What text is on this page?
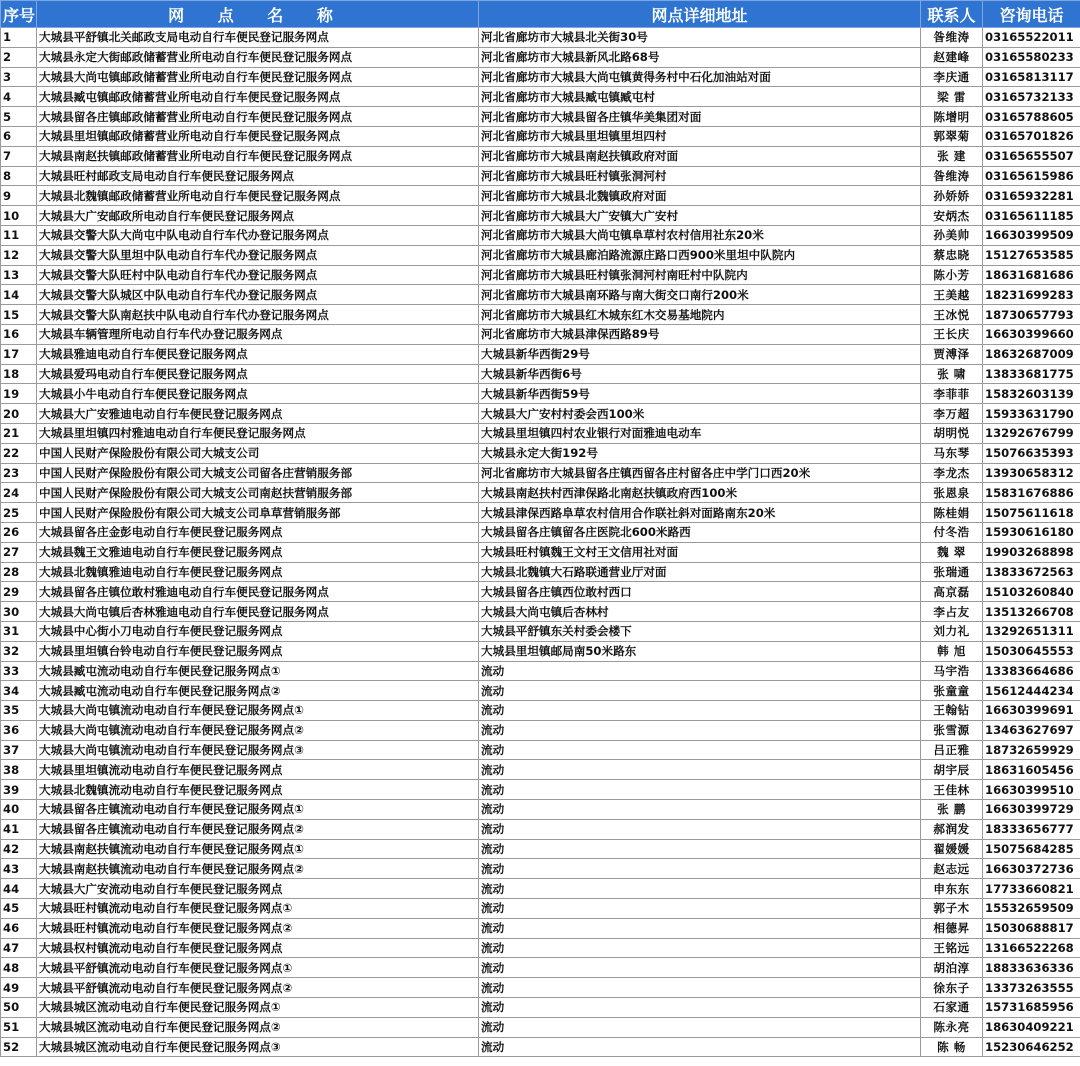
序号	网 点 名 称	网点详细地址	联系人	咨询电话
1	大城县平舒镇北关邮政支局电动自行车便民登记服务网点	河北省廊坊市大城县北关街30号	昝维涛	03165522011
2	大城县永定大街邮政储蓄营业所电动自行车便民登记服务网点	河北省廊坊市大城县新风北路68号	赵建峰	03165580233
3	大城县大尚屯镇邮政储蓄营业所电动自行车便民登记服务网点	河北省廊坊市大城县大尚屯镇黄得务村中石化加油站对面	李庆通	03165813117
4	大城县臧屯镇邮政储蓄营业所电动自行车便民登记服务网点	河北省廊坊市大城县臧屯镇臧屯村	梁 雷	03165732133
5	大城县留各庄镇邮政储蓄营业所电动自行车便民登记服务网点	河北省廊坊市大城县留各庄镇华美集团对面	陈增明	03165788605
6	大城县里坦镇邮政储蓄营业所电动自行车便民登记服务网点	河北省廊坊市大城县里坦镇里坦四村	郭翠菊	03165701826
7	大城县南赵扶镇邮政储蓄营业所电动自行车便民登记服务网点	河北省廊坊市大城县南赵扶镇政府对面	张 建	03165655507
8	大城县旺村邮政支局电动自行车便民登记服务网点	河北省廊坊市大城县旺村镇张洞河村	昝维涛	03165615986
9	大城县北魏镇邮政储蓄营业所电动自行车便民登记服务网点	河北省廊坊市大城县北魏镇政府对面	孙娇娇	03165932281
10	大城县大广安邮政所电动自行车便民登记服务网点	河北省廊坊市大城县大广安镇大广安村	安炳杰	03165611185
11	大城县交警大队大尚屯中队电动自行车代办登记服务网点	河北省廊坊市大城县大尚屯镇阜草村农村信用社东20米	孙美帅	16630399509
12	大城县交警大队里坦中队电动自行车代办登记服务网点	河北省廊坊市大城县廊泊路流源庄路口西900米里坦中队院内	蔡忠晓	15127653585
13	大城县交警大队旺村中队电动自行车代办登记服务网点	河北省廊坊市大城县旺村镇张洞河村南旺村中队院内	陈小芳	18631681686
14	大城县交警大队城区中队电动自行车代办登记服务网点	河北省廊坊市大城县南环路与南大街交口南行200米	王美越	18231699283
15	大城县交警大队南赵扶中队电动自行车代办登记服务网点	河北省廊坊市大城县红木城东红木交易基地院内	王冰悦	18730657793
16	大城县车辆管理所电动自行车代办登记服务网点	河北省廊坊市大城县津保西路89号	王长庆	16630399660
17	大城县雅迪电动自行车便民登记服务网点	大城县新华西街29号	贾溥泽	18632687009
18	大城县爱玛电动自行车便民登记服务网点	大城县新华西街6号	张 啸	13833681775
19	大城县小牛电动自行车便民登记服务网点	大城县新华西街59号	李菲菲	15832603139
20	大城县大广安雅迪电动自行车便民登记服务网点	大城县大广安村村委会西100米	李万超	15933631790
21	大城县里坦镇四村雅迪电动自行车便民登记服务网点	大城县里坦镇四村农业银行对面雅迪电动车	胡明悦	13292676799
22	中国人民财产保险股份有限公司大城支公司	大城县永定大街192号	马东琴	15076635393
23	中国人民财产保险股份有限公司大城支公司留各庄营销服务部	河北省廊坊市大城县留各庄镇西留各庄村留各庄中学门口西20米	李龙杰	13930658312
24	中国人民财产保险股份有限公司大城支公司南赵扶营销服务部	大城县南赵扶村西津保路北南赵扶镇政府西100米	张恩泉	15831676886
25	中国人民财产保险股份有限公司大城支公司阜草营销服务部	大城县津保西路阜草农村信用合作联社斜对面路南东20米	陈桂娟	15075611618
26	大城县留各庄金彭电动自行车便民登记服务网点	大城县留各庄镇留各庄医院北600米路西	付冬浩	15930616180
27	大城县魏王文雅迪电动自行车便民登记服务网点	大城县旺村镇魏王文村王文信用社对面	魏 翠	19903268898
28	大城县北魏镇雅迪电动自行车便民登记服务网点	大城县北魏镇大石路联通营业厅对面	张瑞通	13833672563
29	大城县留各庄镇位敢村雅迪电动自行车便民登记服务网点	大城县留各庄镇西位敢村西口	高京磊	15103260840
30	大城县大尚屯镇后杏林雅迪电动自行车便民登记服务网点	大城县大尚屯镇后杏林村	李占友	13513266708
31	大城县中心街小刀电动自行车便民登记服务网点	大城县平舒镇东关村委会楼下	刘力礼	13292651311
32	大城县里坦镇台铃电动自行车便民登记服务网点	大城县里坦镇邮局南50米路东	韩 旭	15030645553
33	大城县臧屯流动电动自行车便民登记服务网点①	流动	马宇浩	13383664686
34	大城县臧屯流动电动自行车便民登记服务网点②	流动	张童童	15612444234
35	大城县大尚屯镇流动电动自行车便民登记服务网点①	流动	王翰钻	16630399691
36	大城县大尚屯镇流动电动自行车便民登记服务网点②	流动	张雪源	13463627697
37	大城县大尚屯镇流动电动自行车便民登记服务网点③	流动	吕正雅	18732659929
38	大城县里坦镇流动电动自行车便民登记服务网点	流动	胡宇辰	18631605456
39	大城县北魏镇流动电动自行车便民登记服务网点	流动	王佳林	16630399510
40	大城县留各庄镇流动电动自行车便民登记服务网点①	流动	张 鹏	16630399729
41	大城县留各庄镇流动电动自行车便民登记服务网点②	流动	郝润发	18333656777
42	大城县南赵扶镇流动电动自行车便民登记服务网点①	流动	翟媛媛	15075684285
43	大城县南赵扶镇流动电动自行车便民登记服务网点②	流动	赵志远	16630372736
44	大城县大广安流动电动自行车便民登记服务网点	流动	申东东	17733660821
45	大城县旺村镇流动电动自行车便民登记服务网点①	流动	郭子木	15532659509
46	大城县旺村镇流动电动自行车便民登记服务网点②	流动	相德昇	15030688817
47	大城县权村镇流动电动自行车便民登记服务网点	流动	王铭远	13166522268
48	大城县平舒镇流动电动自行车便民登记服务网点①	流动	胡泊淳	18833636336
49	大城县平舒镇流动电动自行车便民登记服务网点②	流动	徐东子	13373263555
50	大城县城区流动电动自行车便民登记服务网点①	流动	石家通	15731685956
51	大城县城区流动电动自行车便民登记服务网点②	流动	陈永亮	18630409221
52	大城县城区流动电动自行车便民登记服务网点③	流动	陈 畅	15230646252
